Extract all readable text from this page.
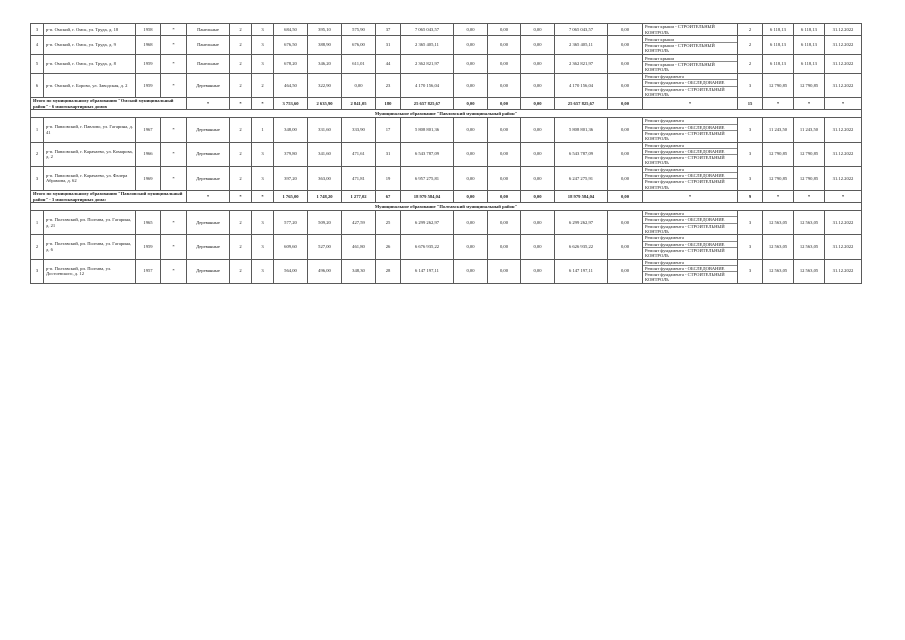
3	р-п. Омский, г. Омск, ул. Труда, д. 18	1958	*	Панельные	2	3	684,50	395,10	575,90	37	7 065 043,57	0,00	0,00	0,00	7 065 043,57	0,00	Ремонт крыши - СТРОИТЕЛЬНЫЙ КОНТРОЛЬ	2	6 118,13	6 118,13	31.12.2022
4	р-п. Омский, г. Омск, ул. Труда, д. 9	1968	*	Панельные	2	3	676,50	388,90	676,00	31	2 365 405,11	0,00	0,00	0,00	2 365 405,11	0,00	Ремонт крыши
Ремонт крыши - СТРОИТЕЛЬНЫЙ КОНТРОЛЬ	2	6 118,13	6 118,13	31.12.2022
5	р-п. Омский, г. Омск, ул. Труда, д. 8	1959	*	Панельные	2	3	678,20	346,20	611,01	44	2 362 821,97	0,00	0,00	0,00	2 362 821,97	0,00	Ремонт крыши
Ремонт крыши - СТРОИТЕЛЬНЫЙ КОНТРОЛЬ	2	6 118,13	6 118,13	31.12.2022
6	р-п. Омский, г. Борово, ул. Заводская, д. 2	1959	*	Деревянные	2	2	464,50	322,90	0,00	23	4 170 156,04	0,00	0,00	0,00	4 170 156,04	0,00	Ремонт фундамента
Ремонт фундамента - ОБСЛЕДОВАНИЕ
Ремонт фундамента - СТРОИТЕЛЬНЫЙ КОНТРОЛЬ	3	12 790,85	12 790,85	31.12.2022
Итого по муниципальному образованию "Омский муниципальный район" - 6 многоквартирных домов				*	*	*	3 753,60	2 635,90	2 841,05	180	25 657 825,67	0,00	0,00	0,00	25 657 825,67	0,00	*	15	*	*	*
Муниципальное образование "Павловский муниципальный район"																					
1	р-п. Павловский, г. Павлово, ул. Гагарина, д. 41	1967	*	Деревянные	2	1	348,00	331,60	333,90	17	5 808 801,36	0,00	0,00	0,00	5 808 801,36	0,00	Ремонт фундамента
Ремонт фундамента - ОБСЛЕДОВАНИЕ
Ремонт фундамента - СТРОИТЕЛЬНЫЙ КОНТРОЛЬ	3	11 243,50	11 243,50	31.12.2022
2	р-п. Павловский, г. Карачаево, ул. Комарова, д. 2	1966	*	Деревянные	2	3	379,80	341,60	471,61	31	6 543 787,09	0,00	0,00	0,00	6 543 787,09	0,00	Ремонт фундамента
Ремонт фундамента - ОБСЛЕДОВАНИЕ
Ремонт фундамента - СТРОИТЕЛЬНЫЙ КОНТРОЛЬ	3	12 790,85	12 790,85	31.12.2022
3	р-п. Павловский, г. Карачаево, ул. Фалера Абрамова, д. 62	1969	*	Деревянные	2	3	397,20	363,00	471,81	19	6 957 275,81	0,00	0,00	0,00	6 247 275,91	0,00	Ремонт фундамента
Ремонт фундамента - ОБСЛЕДОВАНИЕ
Ремонт фундамента - СТРОИТЕЛЬНЫЙ КОНТРОЛЬ	3	12 790,85	12 790,85	31.12.2022
Итого по муниципальному образованию "Павловский муниципальный район" - 3 многоквартирных дома:				*	*	*	1 765,00	1 748,20	1 277,02	67	18 979 584,04	0,00	0,00	0,00	18 979 584,04	0,00	*	9	*	*	*
Муниципальное образование "Полтавский муниципальный район"																					
1	р-п. Полтавский, рп. Полтава, ул. Гагарина, д. 21	1965	*	Деревянные	2	3	577,20	509,20	427,59	25	6 299 262,97	0,00	0,00	0,00	6 299 262,97	0,00	Ремонт фундамента
Ремонт фундамента - ОБСЛЕДОВАНИЕ
Ремонт фундамента - СТРОИТЕЛЬНЫЙ КОНТРОЛЬ	3	12 563,05	12 563,05	31.12.2022
2	р-п. Полтавский, рп. Полтава, ул. Гагарина, д. 6	1959	*	Деревянные	2	3	609,60	527,00	461,80	26	6 676 935,22	0,00	0,00	0,00	6 626 935,22	0,00	Ремонт фундамента
Ремонт фундамента - ОБСЛЕДОВАНИЕ
Ремонт фундамента - СТРОИТЕЛЬНЫЙ КОНТРОЛЬ	3	12 563,05	12 563,05	31.12.2022
3	р-п. Полтавский, рп. Полтава, ул. Достоевского, д. 12	1957	*	Деревянные	2	3	564,00	496,00	348,30	28	6 147 197,11	0,00	0,00	0,00	6 147 197,11	0,00	Ремонт фундамента
Ремонт фундамента - ОБСЛЕДОВАНИЕ
Ремонт фундамента - СТРОИТЕЛЬНЫЙ КОНТРОЛЬ	3	12 563,05	12 563,05	31.12.2022
